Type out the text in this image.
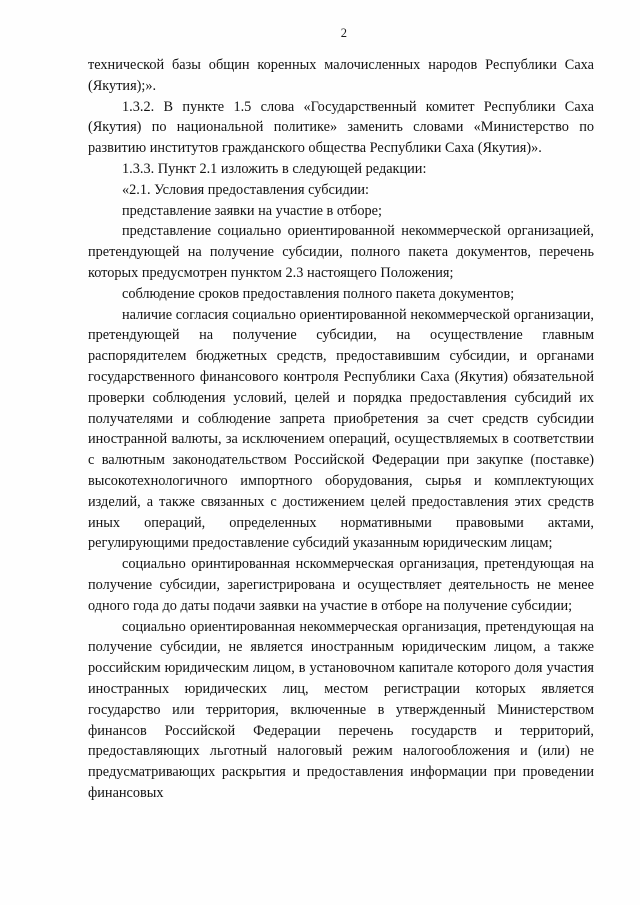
2

технической базы общин коренных малочисленных народов Республики Саха (Якутия);».

1.3.2. В пункте 1.5 слова «Государственный комитет Республики Саха (Якутия) по национальной политике» заменить словами «Министерство по развитию институтов гражданского общества Республики Саха (Якутия)».

1.3.3. Пункт 2.1 изложить в следующей редакции:

«2.1. Условия предоставления субсидии:

представление заявки на участие в отборе;

представление социально ориентированной некоммерческой организацией, претендующей на получение субсидии, полного пакета документов, перечень которых предусмотрен пунктом 2.3 настоящего Положения;

соблюдение сроков предоставления полного пакета документов;

наличие согласия социально ориентированной некоммерческой организации, претендующей на получение субсидии, на осуществление главным распорядителем бюджетных средств, предоставившим субсидии, и органами государственного финансового контроля Республики Саха (Якутия) обязательной проверки соблюдения условий, целей и порядка предоставления субсидий их получателями и соблюдение запрета приобретения за счет средств субсидии иностранной валюты, за исключением операций, осуществляемых в соответствии с валютным законодательством Российской Федерации при закупке (поставке) высокотехнологичного импортного оборудования, сырья и комплектующих изделий, а также связанных с достижением целей предоставления этих средств иных операций, определенных нормативными правовыми актами, регулирующими предоставление субсидий указанным юридическим лицам;

социально оринтированная нскоммерческая организация, претендующая на получение субсидии, зарегистрирована и осуществляет деятельность не менее одного года до даты подачи заявки на участие в отборе на получение субсидии;

социально ориентированная некоммерческая организация, претендующая на получение субсидии, не является иностранным юридическим лицом, а также российским юридическим лицом, в установочном капитале которого доля участия иностранных юридических лиц, местом регистрации которых является государство или территория, включенные в утвержденный Министерством финансов Российской Федерации перечень государств и территорий, предоставляющих льготный налоговый режим налогообложения и (или) не предусматривающих раскрытия и предоставления информации при проведении финансовых
